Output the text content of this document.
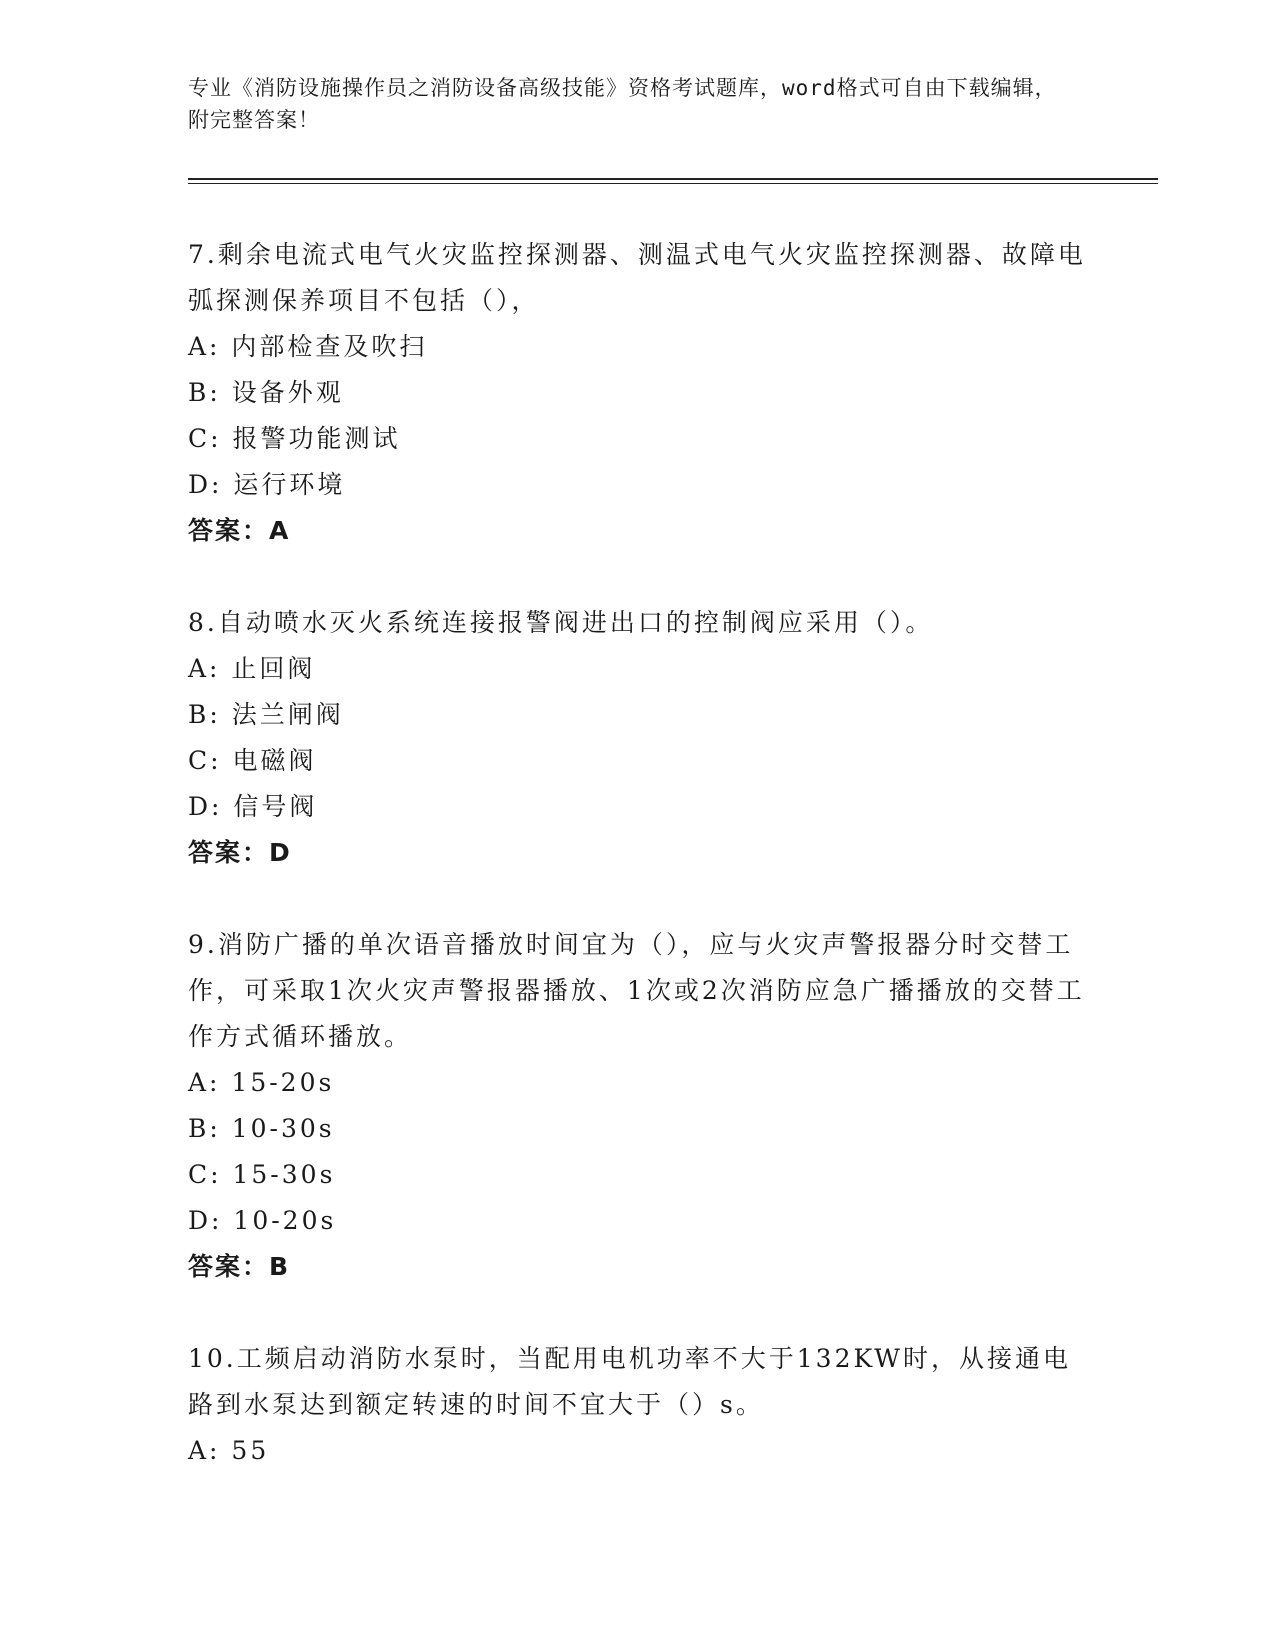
专业《消防设施操作员之消防设备高级技能》资格考试题库，word格式可自由下载编辑，附完整答案！

7.剩余电流式电气火灾监控探测器、测温式电气火灾监控探测器、故障电弧探测保养项目不包括（），

A: 内部检查及吹扫

B: 设备外观

C: 报警功能测试

D: 运行环境

答案：A

8.自动喷水灭火系统连接报警阀进出口的控制阀应采用（）。

A: 止回阀

B: 法兰闸阀

C: 电磁阀

D: 信号阀

答案：D

9.消防广播的单次语音播放时间宜为（），应与火灾声警报器分时交替工作，可采取1次火灾声警报器播放、1次或2次消防应急广播播放的交替工作方式循环播放。

A: 15-20s

B: 10-30s

C: 15-30s

D: 10-20s

答案：B

10.工频启动消防水泵时，当配用电机功率不大于132KW时，从接通电路到水泵达到额定转速的时间不宜大于（）s。

A: 55
